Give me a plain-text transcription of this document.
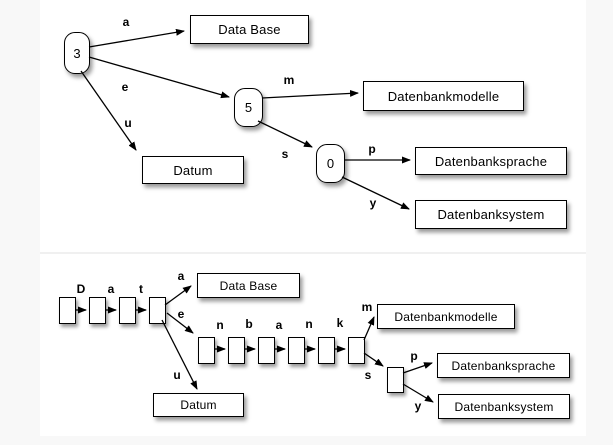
3
5
0
Data Base
Datenbankmodelle
Datum
Datenbanksprache
Datenbanksystem
a
e
u
m
s	p
y
D a t
a
e
u
n b a n k
m
s
p
y
Data Base
Datenbankmodelle
Datum
Datenbanksprache
Datenbanksystem
